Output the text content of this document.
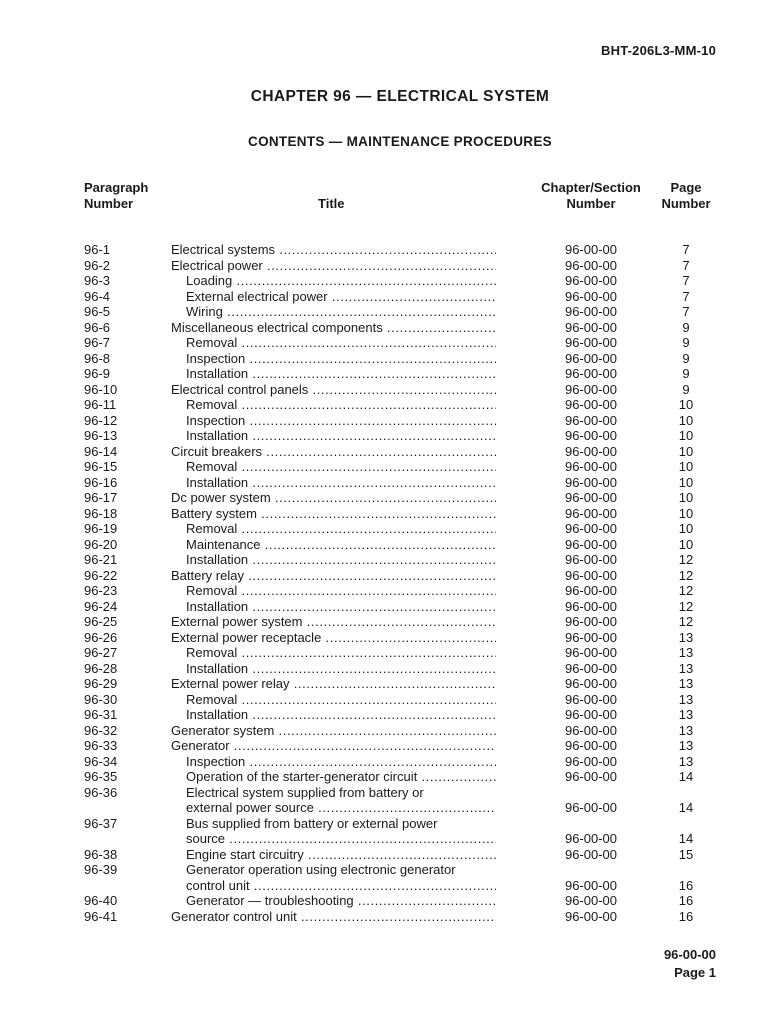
BHT-206L3-MM-10
CHAPTER 96 — ELECTRICAL SYSTEM
CONTENTS — MAINTENANCE PROCEDURES
Paragraph
Number	Title
Chapter/Section
Number
Page
Number
96-1	Electrical systems .....	96-00-00	7
96-2	Electrical power .....	96-00-00	7
96-3	Loading .....	96-00-00	7
96-4	External electrical power .....	96-00-00	7
96-5	Wiring .....	96-00-00	7
96-6	Miscellaneous electrical components .....	96-00-00	9
96-7	Removal .....	96-00-00	9
96-8	Inspection .....	96-00-00	9
96-9	Installation .....	96-00-00	9
96-10	Electrical control panels .....	96-00-00	9
96-11	Removal .....	96-00-00	10
96-12	Inspection .....	96-00-00	10
96-13	Installation .....	96-00-00	10
96-14	Circuit breakers .....	96-00-00	10
96-15	Removal .....	96-00-00	10
96-16	Installation .....	96-00-00	10
96-17	Dc power system .....	96-00-00	10
96-18	Battery system .....	96-00-00	10
96-19	Removal .....	96-00-00	10
96-20	Maintenance .....	96-00-00	10
96-21	Installation .....	96-00-00	12
96-22	Battery relay .....	96-00-00	12
96-23	Removal .....	96-00-00	12
96-24	Installation .....	96-00-00	12
96-25	External power system .....	96-00-00	12
96-26	External power receptacle .....	96-00-00	13
96-27	Removal .....	96-00-00	13
96-28	Installation .....	96-00-00	13
96-29	External power relay .....	96-00-00	13
96-30	Removal .....	96-00-00	13
96-31	Installation .....	96-00-00	13
96-32	Generator system .....	96-00-00	13
96-33	Generator .....	96-00-00	13
96-34	Inspection .....	96-00-00	13
96-35	Operation of the starter-generator circuit .....	96-00-00	14
96-36	Electrical system supplied from battery or
external power source .....	96-00-00	14
96-37	Bus supplied from battery or external power
source .....	96-00-00	14
96-38	Engine start circuitry .....	96-00-00	15
96-39	Generator operation using electronic generator
control unit .....	96-00-00	16
96-40	Generator — troubleshooting .....	96-00-00	16
96-41	Generator control unit .....	96-00-00	16
96-00-00
Page 1
